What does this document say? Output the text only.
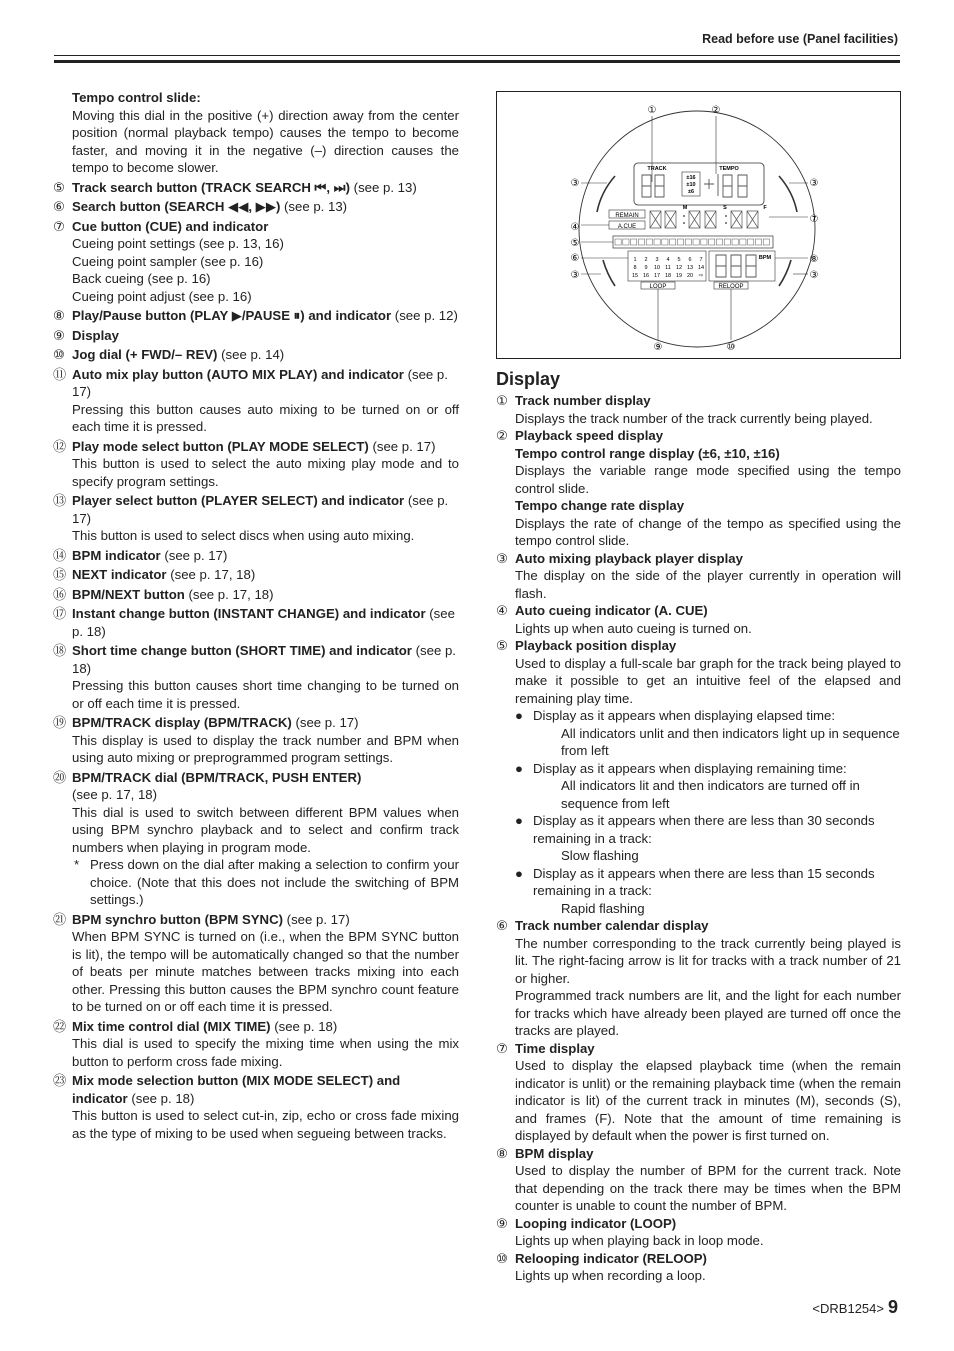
Read before use (Panel facilities)
Tempo control slide:
Moving this dial in the positive (+) direction away from the center position (normal playback tempo) causes the tempo to become faster, and moving it in the negative (–) direction causes the tempo to become slower.
⑤ Track search button (TRACK SEARCH ⏮, ⏭) (see p. 13)
⑥ Search button (SEARCH ◀◀, ▶▶) (see p. 13)
⑦ Cue button (CUE) and indicator
Cueing point settings (see p. 13, 16)
Cueing point sampler (see p. 16)
Back cueing (see p. 16)
Cueing point adjust (see p. 16)
⑧ Play/Pause button (PLAY ▶/PAUSE ⏸) and indicator (see p. 12)
⑨ Display
⑩ Jog dial (+ FWD/– REV) (see p. 14)
⑪ Auto mix play button (AUTO MIX PLAY) and indicator (see p. 17)
Pressing this button causes auto mixing to be turned on or off each time it is pressed.
⑫ Play mode select button (PLAY MODE SELECT) (see p. 17)
This button is used to select the auto mixing play mode and to specify program settings.
⑬ Player select button (PLAYER SELECT) and indicator (see p. 17)
This button is used to select discs when using auto mixing.
⑭ BPM indicator (see p. 17)
⑮ NEXT indicator (see p. 17, 18)
⑯ BPM/NEXT button (see p. 17, 18)
⑰ Instant change button (INSTANT CHANGE) and indicator (see p. 18)
⑱ Short time change button (SHORT TIME) and indicator (see p. 18)
Pressing this button causes short time changing to be turned on or off each time it is pressed.
⑲ BPM/TRACK display (BPM/TRACK) (see p. 17)
This display is used to display the track number and BPM when using auto mixing or preprogrammed program settings.
⑳ BPM/TRACK dial (BPM/TRACK, PUSH ENTER)
(see p. 17, 18)
This dial is used to switch between different BPM values when using BPM synchro playback and to select and confirm track numbers when playing in program mode.
* Press down on the dial after making a selection to confirm your choice. (Note that this does not include the switching of BPM settings.)
㉑ BPM synchro button (BPM SYNC) (see p. 17)
When BPM SYNC is turned on (i.e., when the BPM SYNC button is lit), the tempo will be automatically changed so that the number of beats per minute matches between tracks mixing into each other. Pressing this button causes the BPM synchro count feature to be turned on or off each time it is pressed.
㉒ Mix time control dial (MIX TIME) (see p. 18)
This dial is used to specify the mixing time when using the mix button to perform cross fade mixing.
㉓ Mix mode selection button (MIX MODE SELECT) and indicator (see p. 18)
This button is used to select cut-in, zip, echo or cross fade mixing as the type of mixing to be used when segueing between tracks.
TRACK	TEMPO
±16
±10
±6
REMAIN
A.CUE
M	S	F
1 2 3 4 5 6 7
8 9 10 11 12 13 14
15 16 17 18 19 20 ⇨
LOOP
BPM
RELOOP
①	②
③	③
④
⑦
⑤
⑥
③
⑧
③
⑨	⑩
Display
① Track number display
Displays the track number of the track currently being played.
② Playback speed display
Tempo control range display (±6, ±10, ±16)
Displays the variable range mode specified using the tempo control slide.
Tempo change rate display
Displays the rate of change of the tempo as specified using the tempo control slide.
③ Auto mixing playback player display
The display on the side of the player currently in operation will flash.
④ Auto cueing indicator (A. CUE)
Lights up when auto cueing is turned on.
⑤ Playback position display
Used to display a full-scale bar graph for the track being played to make it possible to get an intuitive feel of the elapsed and remaining play time.
● Display as it appears when displaying elapsed time:
All indicators unlit and then indicators light up in sequence from left
● Display as it appears when displaying remaining time:
All indicators lit and then indicators are turned off in sequence from left
● Display as it appears when there are less than 30 seconds remaining in a track:
Slow flashing
● Display as it appears when there are less than 15 seconds remaining in a track:
Rapid flashing
⑥ Track number calendar display
The number corresponding to the track currently being played is lit. The right-facing arrow is lit for tracks with a track number of 21 or higher.
Programmed track numbers are lit, and the light for each number for tracks which have already been played are turned off once the tracks are played.
⑦ Time display
Used to display the elapsed playback time (when the remain indicator is unlit) or the remaining playback time (when the remain indicator is lit) of the current track in minutes (M), seconds (S), and frames (F). Note that the amount of time remaining is displayed by default when the power is first turned on.
⑧ BPM display
Used to display the number of BPM for the current track. Note that depending on the track there may be times when the BPM counter is unable to count the number of BPM.
⑨ Looping indicator (LOOP)
Lights up when playing back in loop mode.
⑩ Relooping indicator (RELOOP)
Lights up when recording a loop.
<DRB1254> 9
